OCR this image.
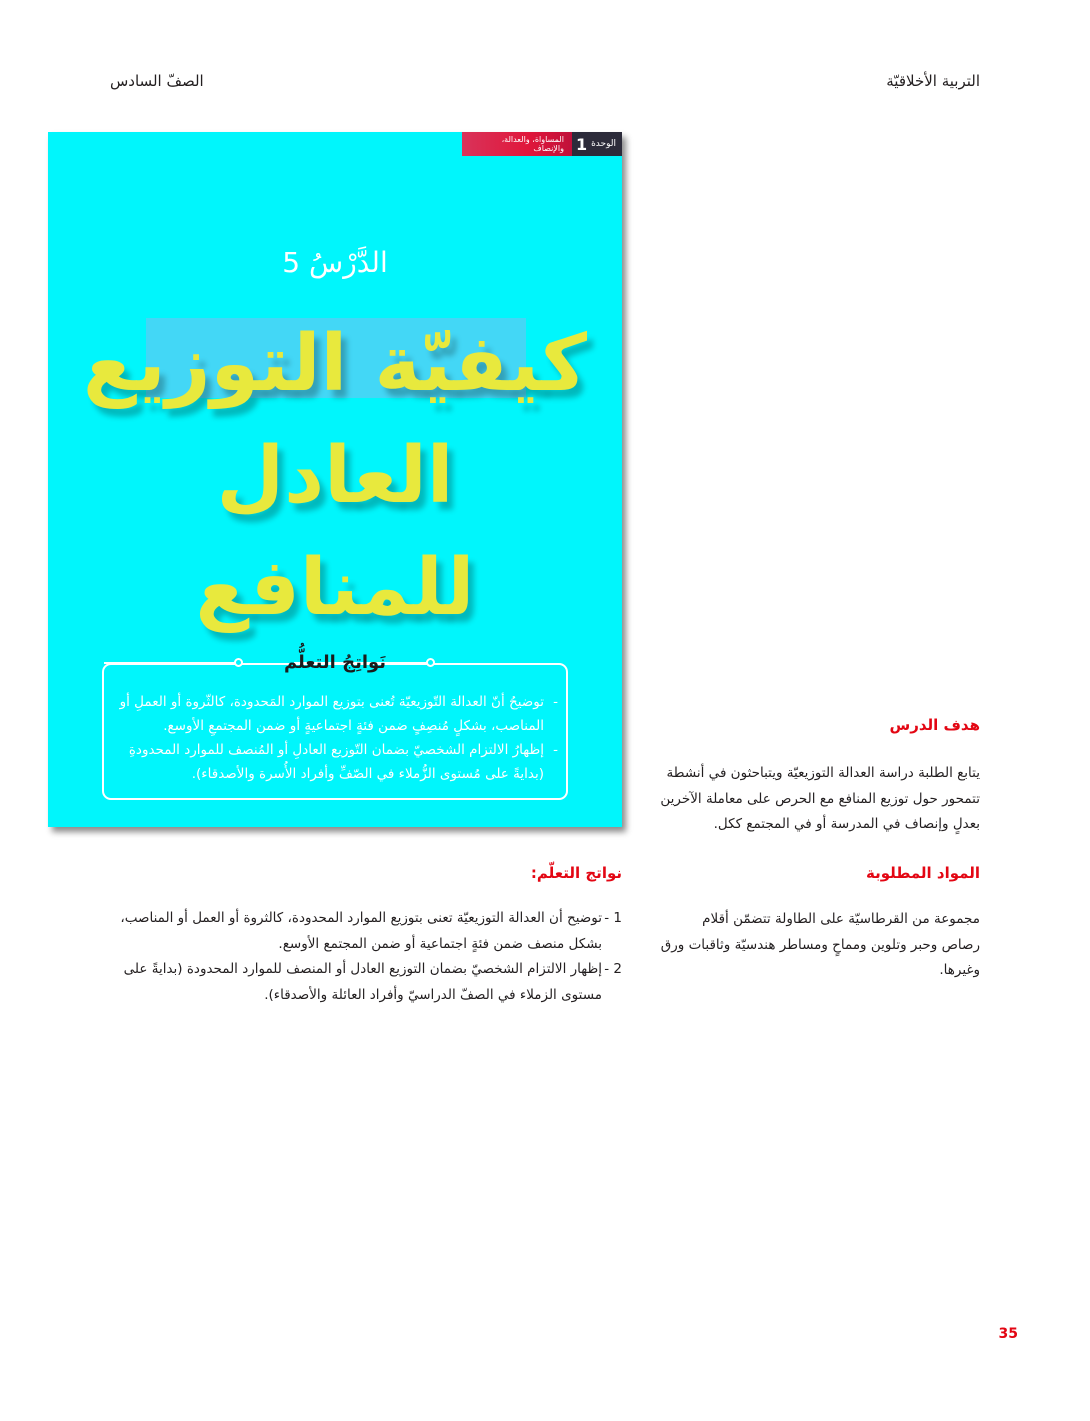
التربية الأخلاقيّة
الصفّ السادس
الوحدة
1
المساواة، والعدالة، والإنصاف
الدَّرْسُ 5
كيفيّة التوزيع
العادل
للمنافع
نَواتِجُ التعلُّم
- توضيحُ أنّ العدالة التّوزيعيّة تُعنى بتوزيع الموارد المَحدودة، كالثّروة أو العملِ أو المناصب، بشكلٍ مُنصِفٍ ضمن فئةٍ اجتماعيةٍ أو ضمن المجتمعِ الأوسع.
- إظهارُ الالتزام الشخصيّ بضمان التّوزيع العادلِ أو المُنصف للموارد المحدودةِ (بدايةً على مُستوى الزُّملاء في الصّفِّ وأفراد الأُسرة والأصدقاء).
هدف الدرس
يتابع الطلبة دراسة العدالة التوزيعيّة ويتباحثون في أنشطة تتمحور حول توزيع المنافع مع الحرص على معاملة الآخرين بعدلٍ وإنصاف في المدرسة أو في المجتمع ككل.
المواد المطلوبة
مجموعة من القرطاسيّة على الطاولة تتضمّن أقلام رصاص وحبر وتلوين ومماحٍ ومساطر هندسيّة وثاقبات ورق وغيرها.
نواتج التعلّم:
1 -
توضيح أن العدالة التوزيعيّة تعنى بتوزيع الموارد المحدودة، كالثروة أو العمل أو المناصب، بشكل منصف ضمن فئةٍ اجتماعية أو ضمن المجتمع الأوسع.
2 -
إظهار الالتزام الشخصيّ بضمان التوزيع العادل أو المنصف للموارد المحدودة (بدايةً على مستوى الزملاء في الصفّ الدراسيّ وأفراد العائلة والأصدقاء).
35
